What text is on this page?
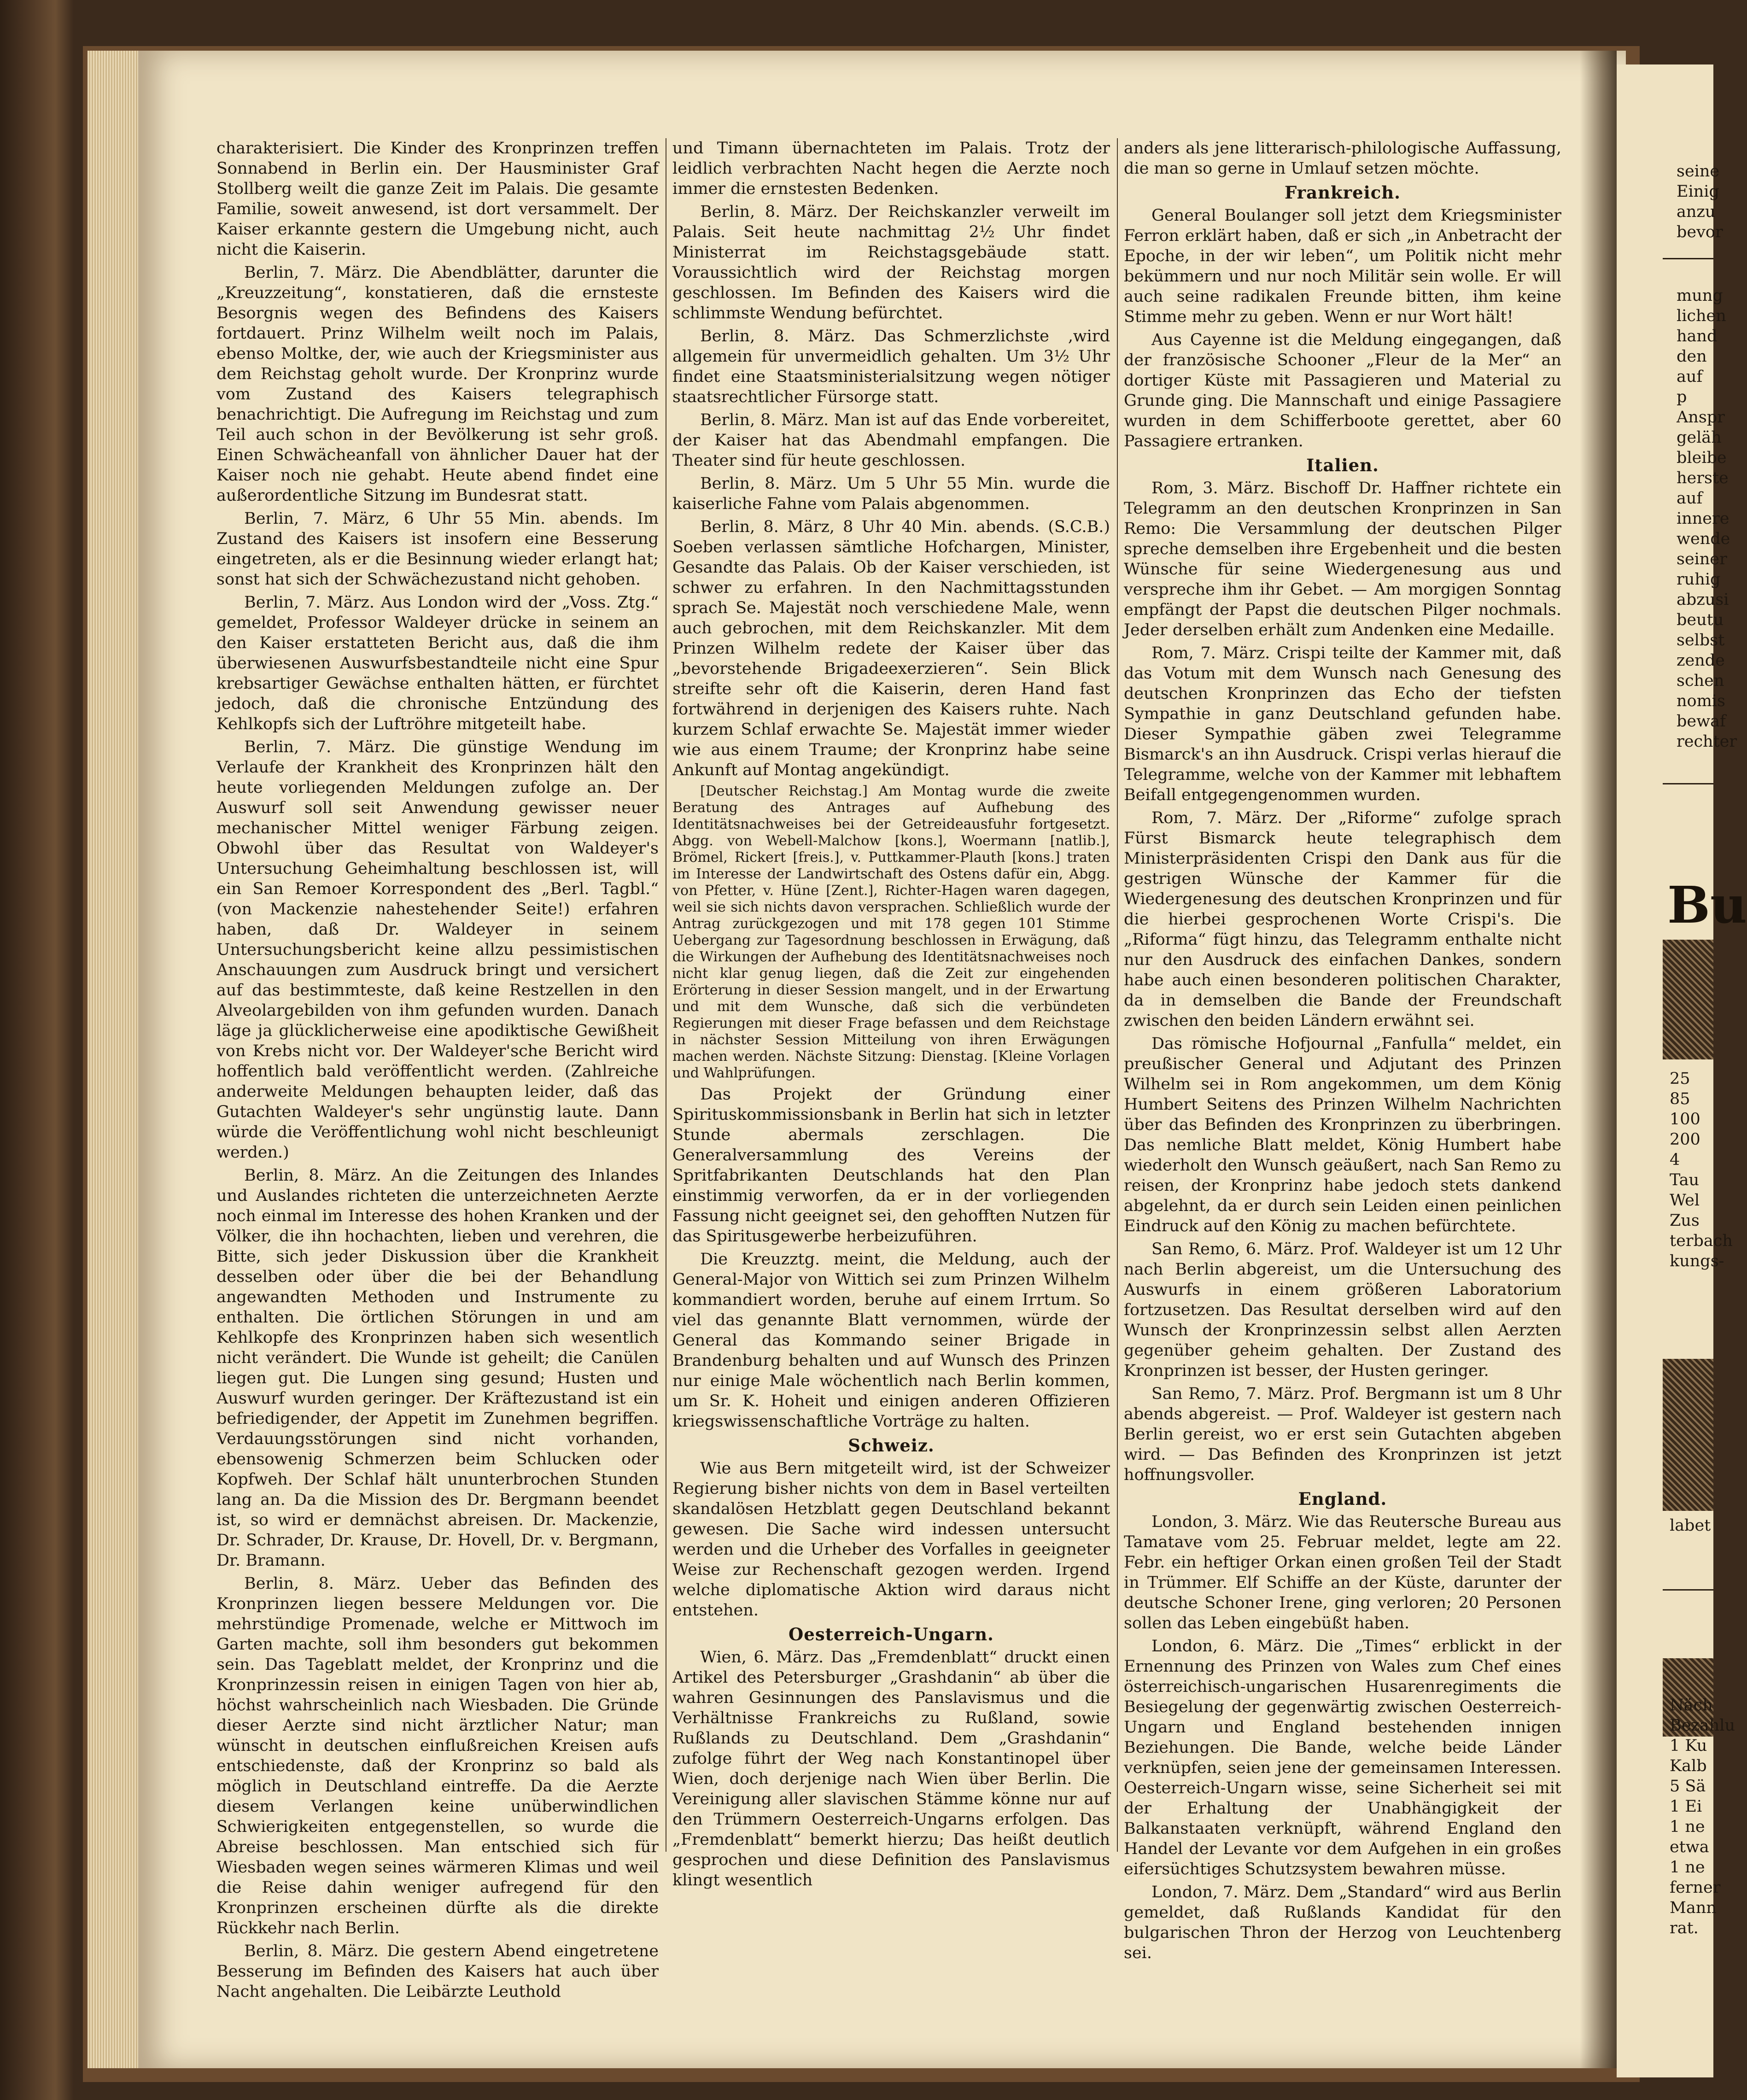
charakterisiert. Die Kinder des Kronprinzen treffen Sonnabend in Berlin ein. Der Hausminister Graf Stollberg weilt die ganze Zeit im Palais. Die gesamte Familie, soweit anwesend, ist dort versammelt. Der Kaiser erkannte gestern die Umgebung nicht, auch nicht die Kaiserin.

Berlin, 7. März. Die Abendblätter, darunter die „Kreuzzeitung“, konstatieren, daß die ernsteste Besorgnis wegen des Befindens des Kaisers fortdauert. Prinz Wilhelm weilt noch im Palais, ebenso Moltke, der, wie auch der Kriegsminister aus dem Reichstag geholt wurde. Der Kronprinz wurde vom Zustand des Kaisers telegraphisch benachrichtigt. Die Aufregung im Reichstag und zum Teil auch schon in der Bevölkerung ist sehr groß. Einen Schwächeanfall von ähnlicher Dauer hat der Kaiser noch nie gehabt. Heute abend findet eine außerordentliche Sitzung im Bundesrat statt.

Berlin, 7. März, 6 Uhr 55 Min. abends. Im Zustand des Kaisers ist insofern eine Besserung eingetreten, als er die Besinnung wieder erlangt hat; sonst hat sich der Schwächezustand nicht gehoben.

Berlin, 7. März. Aus London wird der „Voss. Ztg.“ gemeldet, Professor Waldeyer drücke in seinem an den Kaiser erstatteten Bericht aus, daß die ihm überwiesenen Auswurfsbestandteile nicht eine Spur krebsartiger Gewächse enthalten hätten, er fürchtet jedoch, daß die chronische Entzündung des Kehlkopfs sich der Luftröhre mitgeteilt habe.

Berlin, 7. März. Die günstige Wendung im Verlaufe der Krankheit des Kronprinzen hält den heute vorliegenden Meldungen zufolge an. Der Auswurf soll seit Anwendung gewisser neuer mechanischer Mittel weniger Färbung zeigen. Obwohl über das Resultat von Waldeyer's Untersuchung Geheimhaltung beschlossen ist, will ein San Remoer Korrespondent des „Berl. Tagbl.“ (von Mackenzie nahestehender Seite!) erfahren haben, daß Dr. Waldeyer in seinem Untersuchungsbericht keine allzu pessimistischen Anschauungen zum Ausdruck bringt und versichert auf das bestimmteste, daß keine Restzellen in den Alveolargebilden von ihm gefunden wurden. Danach läge ja glücklicherweise eine apodiktische Gewißheit von Krebs nicht vor. Der Waldeyer'sche Bericht wird hoffentlich bald veröffentlicht werden. (Zahlreiche anderweite Meldungen behaupten leider, daß das Gutachten Waldeyer's sehr ungünstig laute. Dann würde die Veröffentlichung wohl nicht beschleunigt werden.)

Berlin, 8. März. An die Zeitungen des Inlandes und Auslandes richteten die unterzeichneten Aerzte noch einmal im Interesse des hohen Kranken und der Völker, die ihn hochachten, lieben und verehren, die Bitte, sich jeder Diskussion über die Krankheit desselben oder über die bei der Behandlung angewandten Methoden und Instrumente zu enthalten. Die örtlichen Störungen in und am Kehlkopfe des Kronprinzen haben sich wesentlich nicht verändert. Die Wunde ist geheilt; die Canülen liegen gut. Die Lungen sing gesund; Husten und Auswurf wurden geringer. Der Kräftezustand ist ein befriedigender, der Appetit im Zunehmen begriffen. Verdauungsstörungen sind nicht vorhanden, ebensowenig Schmerzen beim Schlucken oder Kopfweh. Der Schlaf hält ununterbrochen Stunden lang an. Da die Mission des Dr. Bergmann beendet ist, so wird er demnächst abreisen. Dr. Mackenzie, Dr. Schrader, Dr. Krause, Dr. Hovell, Dr. v. Bergmann, Dr. Bramann.

Berlin, 8. März. Ueber das Befinden des Kronprinzen liegen bessere Meldungen vor. Die mehrstündige Promenade, welche er Mittwoch im Garten machte, soll ihm besonders gut bekommen sein. Das Tageblatt meldet, der Kronprinz und die Kronprinzessin reisen in einigen Tagen von hier ab, höchst wahrscheinlich nach Wiesbaden. Die Gründe dieser Aerzte sind nicht ärztlicher Natur; man wünscht in deutschen einflußreichen Kreisen aufs entschiedenste, daß der Kronprinz so bald als möglich in Deutschland eintreffe. Da die Aerzte diesem Verlangen keine unüberwindlichen Schwierigkeiten entgegenstellen, so wurde die Abreise beschlossen. Man entschied sich für Wiesbaden wegen seines wärmeren Klimas und weil die Reise dahin weniger aufregend für den Kronprinzen erscheinen dürfte als die direkte Rückkehr nach Berlin.

Berlin, 8. März. Die gestern Abend eingetretene Besserung im Befinden des Kaisers hat auch über Nacht angehalten. Die Leibärzte Leuthold

und Timann übernachteten im Palais. Trotz der leidlich verbrachten Nacht hegen die Aerzte noch immer die ernstesten Bedenken.

Berlin, 8. März. Der Reichskanzler verweilt im Palais. Seit heute nachmittag 2½ Uhr findet Ministerrat im Reichstagsgebäude statt. Voraussichtlich wird der Reichstag morgen geschlossen. Im Befinden des Kaisers wird die schlimmste Wendung befürchtet.

Berlin, 8. März. Das Schmerzlichste ‚wird allgemein für unvermeidlich gehalten. Um 3½ Uhr findet eine Staatsministerialsitzung wegen nötiger staatsrechtlicher Fürsorge statt.

Berlin, 8. März. Man ist auf das Ende vorbereitet, der Kaiser hat das Abendmahl empfangen. Die Theater sind für heute geschlossen.

Berlin, 8. März. Um 5 Uhr 55 Min. wurde die kaiserliche Fahne vom Palais abgenommen.

Berlin, 8. März, 8 Uhr 40 Min. abends. (S.C.B.) Soeben verlassen sämtliche Hofchargen, Minister, Gesandte das Palais. Ob der Kaiser verschieden, ist schwer zu erfahren. In den Nachmittagsstunden sprach Se. Majestät noch verschiedene Male, wenn auch gebrochen, mit dem Reichskanzler. Mit dem Prinzen Wilhelm redete der Kaiser über das „bevorstehende Brigadeexerzieren“. Sein Blick streifte sehr oft die Kaiserin, deren Hand fast fortwährend in derjenigen des Kaisers ruhte. Nach kurzem Schlaf erwachte Se. Majestät immer wieder wie aus einem Traume; der Kronprinz habe seine Ankunft auf Montag angekündigt.

[Deutscher Reichstag.] Am Montag wurde die zweite Beratung des Antrages auf Aufhebung des Identitätsnachweises bei der Getreideausfuhr fortgesetzt. Abgg. von Webell-Malchow [kons.], Woermann [natlib.], Brömel, Rickert [freis.], v. Puttkammer-Plauth [kons.] traten im Interesse der Landwirtschaft des Ostens dafür ein, Abgg. von Pfetter, v. Hüne [Zent.], Richter-Hagen waren dagegen, weil sie sich nichts davon versprachen. Schließlich wurde der Antrag zurückgezogen und mit 178 gegen 101 Stimme Uebergang zur Tagesordnung beschlossen in Erwägung, daß die Wirkungen der Aufhebung des Identitätsnachweises noch nicht klar genug liegen, daß die Zeit zur eingehenden Erörterung in dieser Session mangelt, und in der Erwartung und mit dem Wunsche, daß sich die verbündeten Regierungen mit dieser Frage befassen und dem Reichstage in nächster Session Mitteilung von ihren Erwägungen machen werden. Nächste Sitzung: Dienstag. [Kleine Vorlagen und Wahlprüfungen.

Das Projekt der Gründung einer Spirituskommissionsbank in Berlin hat sich in letzter Stunde abermals zerschlagen. Die Generalversammlung des Vereins der Spritfabrikanten Deutschlands hat den Plan einstimmig verworfen, da er in der vorliegenden Fassung nicht geeignet sei, den gehofften Nutzen für das Spiritusgewerbe herbeizuführen.

Die Kreuzztg. meint, die Meldung, auch der General-Major von Wittich sei zum Prinzen Wilhelm kommandiert worden, beruhe auf einem Irrtum. So viel das genannte Blatt vernommen, würde der General das Kommando seiner Brigade in Brandenburg behalten und auf Wunsch des Prinzen nur einige Male wöchentlich nach Berlin kommen, um Sr. K. Hoheit und einigen anderen Offizieren kriegswissenschaftliche Vorträge zu halten.

Schweiz.

Wie aus Bern mitgeteilt wird, ist der Schweizer Regierung bisher nichts von dem in Basel verteilten skandalösen Hetzblatt gegen Deutschland bekannt gewesen. Die Sache wird indessen untersucht werden und die Urheber des Vorfalles in geeigneter Weise zur Rechenschaft gezogen werden. Irgend welche diplomatische Aktion wird daraus nicht entstehen.

Oesterreich-Ungarn.

Wien, 6. März. Das „Fremdenblatt“ druckt einen Artikel des Petersburger „Grashdanin“ ab über die wahren Gesinnungen des Panslavismus und die Verhältnisse Frankreichs zu Rußland, sowie Rußlands zu Deutschland. Dem „Grashdanin“ zufolge führt der Weg nach Konstantinopel über Wien, doch derjenige nach Wien über Berlin. Die Vereinigung aller slavischen Stämme könne nur auf den Trümmern Oesterreich-Ungarns erfolgen. Das „Fremdenblatt“ bemerkt hierzu; Das heißt deutlich gesprochen und diese Definition des Panslavismus klingt wesentlich

anders als jene litterarisch-philologische Auffassung, die man so gerne in Umlauf setzen möchte.

Frankreich.

General Boulanger soll jetzt dem Kriegsminister Ferron erklärt haben, daß er sich „in Anbetracht der Epoche, in der wir leben“, um Politik nicht mehr bekümmern und nur noch Militär sein wolle. Er will auch seine radikalen Freunde bitten, ihm keine Stimme mehr zu geben. Wenn er nur Wort hält!

Aus Cayenne ist die Meldung eingegangen, daß der französische Schooner „Fleur de la Mer“ an dortiger Küste mit Passagieren und Material zu Grunde ging. Die Mannschaft und einige Passagiere wurden in dem Schifferboote gerettet, aber 60 Passagiere ertranken.

Italien.

Rom, 3. März. Bischoff Dr. Haffner richtete ein Telegramm an den deutschen Kronprinzen in San Remo: Die Versammlung der deutschen Pilger spreche demselben ihre Ergebenheit und die besten Wünsche für seine Wiedergenesung aus und verspreche ihm ihr Gebet. — Am morgigen Sonntag empfängt der Papst die deutschen Pilger nochmals. Jeder derselben erhält zum Andenken eine Medaille.

Rom, 7. März. Crispi teilte der Kammer mit, daß das Votum mit dem Wunsch nach Genesung des deutschen Kronprinzen das Echo der tiefsten Sympathie in ganz Deutschland gefunden habe. Dieser Sympathie gäben zwei Telegramme Bismarck's an ihn Ausdruck. Crispi verlas hierauf die Telegramme, welche von der Kammer mit lebhaftem Beifall entgegengenommen wurden.

Rom, 7. März. Der „Riforme“ zufolge sprach Fürst Bismarck heute telegraphisch dem Ministerpräsidenten Crispi den Dank aus für die gestrigen Wünsche der Kammer für die Wiedergenesung des deutschen Kronprinzen und für die hierbei gesprochenen Worte Crispi's. Die „Riforma“ fügt hinzu, das Telegramm enthalte nicht nur den Ausdruck des einfachen Dankes, sondern habe auch einen besonderen politischen Charakter, da in demselben die Bande der Freundschaft zwischen den beiden Ländern erwähnt sei.

Das römische Hofjournal „Fanfulla“ meldet, ein preußischer General und Adjutant des Prinzen Wilhelm sei in Rom angekommen, um dem König Humbert Seitens des Prinzen Wilhelm Nachrichten über das Befinden des Kronprinzen zu überbringen. Das nemliche Blatt meldet, König Humbert habe wiederholt den Wunsch geäußert, nach San Remo zu reisen, der Kronprinz habe jedoch stets dankend abgelehnt, da er durch sein Leiden einen peinlichen Eindruck auf den König zu machen befürchtete.

San Remo, 6. März. Prof. Waldeyer ist um 12 Uhr nach Berlin abgereist, um die Untersuchung des Auswurfs in einem größeren Laboratorium fortzusetzen. Das Resultat derselben wird auf den Wunsch der Kronprinzessin selbst allen Aerzten gegenüber geheim gehalten. Der Zustand des Kronprinzen ist besser, der Husten geringer.

San Remo, 7. März. Prof. Bergmann ist um 8 Uhr abends abgereist. — Prof. Waldeyer ist gestern nach Berlin gereist, wo er erst sein Gutachten abgeben wird. — Das Befinden des Kronprinzen ist jetzt hoffnungsvoller.

England.

London, 3. März. Wie das Reutersche Bureau aus Tamatave vom 25. Februar meldet, legte am 22. Febr. ein heftiger Orkan einen großen Teil der Stadt in Trümmer. Elf Schiffe an der Küste, darunter der deutsche Schoner Irene, ging verloren; 20 Personen sollen das Leben eingebüßt haben.

London, 6. März. Die „Times“ erblickt in der Ernennung des Prinzen von Wales zum Chef eines österreichisch-ungarischen Husarenregiments die Besiegelung der gegenwärtig zwischen Oesterreich-Ungarn und England bestehenden innigen Beziehungen. Die Bande, welche beide Länder verknüpfen, seien jene der gemeinsamen Interessen. Oesterreich-Ungarn wisse, seine Sicherheit sei mit der Erhaltung der Unabhängigkeit der Balkanstaaten verknüpft, während England den Handel der Levante vor dem Aufgehen in ein großes eifersüchtiges Schutzsystem bewahren müsse.

London, 7. März. Dem „Standard“ wird aus Berlin gemeldet, daß Rußlands Kandidat für den bulgarischen Thron der Herzog von Leuchtenberg sei.

seine
Einig
anzu
bevor
mung
lichen
hand
den
auf p
Anspr
geläh
bleibe
herste
auf
innere
wende
seiner
ruhig
abzusi
beutu
selbst
zende
schen
nomis
bewaf
rechter
Bu
25
85
100
200
4 Tau
Wel
Zus
terbach
kungs-
labet
Näch
Bezahlu
1 Ku
Kalb
5 Sä
1 Ei
1 ne
etwa
1 ne
ferner
Mann
rat.
